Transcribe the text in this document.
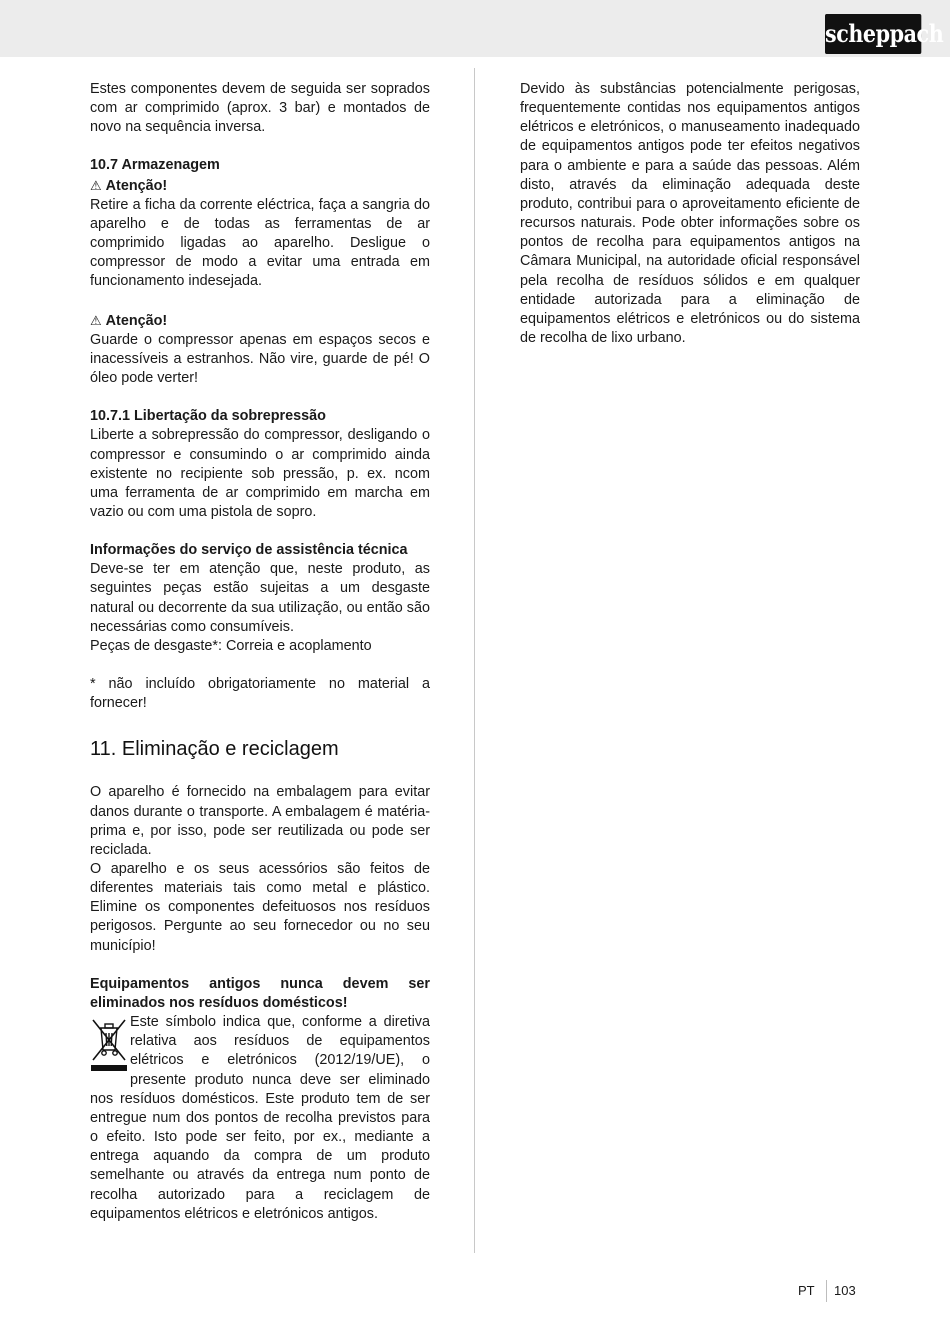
scheppach

Estes componentes devem de seguida ser soprados com ar comprimido (aprox. 3 bar) e montados de novo na sequência inversa.

10.7 Armazenagem

⚠ Atenção!

Retire a ficha da corrente eléctrica, faça a sangria do aparelho e de todas as ferramentas de ar comprimido ligadas ao aparelho. Desligue o compressor de modo a evitar uma entrada em funcionamento indesejada.

⚠ Atenção!

Guarde o compressor apenas em espaços secos e inacessíveis a estranhos. Não vire, guarde de pé! O óleo pode verter!

10.7.1 Libertação da sobrepressão

Liberte a sobrepressão do compressor, desligando o compressor e consumindo o ar comprimido ainda existente no recipiente sob pressão, p. ex. ncom uma ferramenta de ar comprimido em marcha em vazio ou com uma pistola de sopro.

Informações do serviço de assistência técnica

Deve-se ter em atenção que, neste produto, as seguintes peças estão sujeitas a um desgaste natural ou decorrente da sua utilização, ou então são necessárias como consumíveis.

Peças de desgaste*: Correia e acoplamento

* não incluído obrigatoriamente no material a fornecer!

11. Eliminação e reciclagem

O aparelho é fornecido na embalagem para evitar danos durante o transporte. A embalagem é matéria-prima e, por isso, pode ser reutilizada ou pode ser reciclada.

O aparelho e os seus acessórios são feitos de diferentes materiais tais como metal e plástico. Elimine os componentes defeituosos nos resíduos perigosos. Pergunte ao seu fornecedor ou no seu município!

Equipamentos antigos nunca devem ser eliminados nos resíduos domésticos!

Este símbolo indica que, conforme a diretiva relativa aos resíduos de equipamentos elétricos e eletrónicos (2012/19/UE), o presente produto nunca deve ser eliminado nos resíduos domésticos. Este produto tem de ser entregue num dos pontos de recolha previstos para o efeito. Isto pode ser feito, por ex., mediante a entrega aquando da compra de um produto semelhante ou através da entrega num ponto de recolha autorizado para a reciclagem de equipamentos elétricos e eletrónicos antigos.

Devido às substâncias potencialmente perigosas, frequentemente contidas nos equipamentos antigos elétricos e eletrónicos, o manuseamento inadequado de equipamentos antigos pode ter efeitos negativos para o ambiente e para a saúde das pessoas. Além disto, através da eliminação adequada deste produto, contribui para o aproveitamento eficiente de recursos naturais. Pode obter informações sobre os pontos de recolha para equipamentos antigos na Câmara Municipal, na autoridade oficial responsável pela recolha de resíduos sólidos e em qualquer entidade autorizada para a eliminação de equipamentos elétricos e eletrónicos ou do sistema de recolha de lixo urbano.

PT 103
